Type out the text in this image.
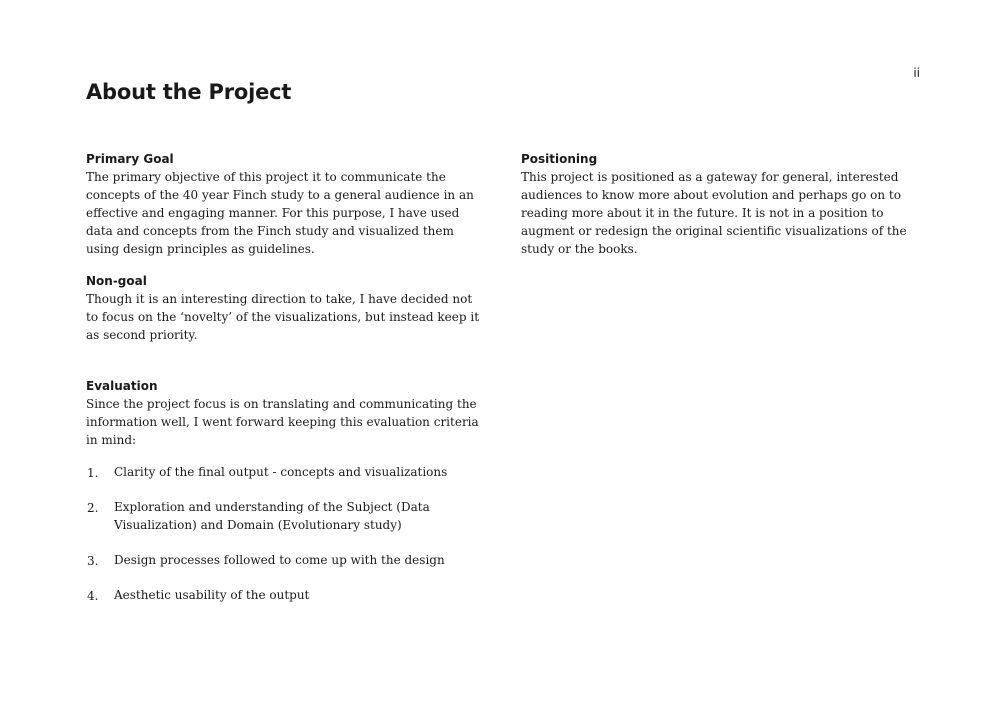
ii
About the Project

Primary Goal

The primary objective of this project it to communicate the concepts of the 40 year Finch study to a general audience in an effective and engaging manner. For this purpose, I have used data and concepts from the Finch study and visualized them using design principles as guidelines.

Non-goal

Though it is an interesting direction to take, I have decided not to focus on the ‘novelty’ of the visualizations, but instead keep it as second priority.

Positioning

This project is positioned as a gateway for general, interested audiences to know more about evolution and perhaps go on to reading more about it in the future. It is not in a position to augment or redesign the original scientific visualizations of the study or the books.

Evaluation

Since the project focus is on translating and communicating the information well, I went forward keeping this evaluation criteria in mind:

1. Clarity of the final output - concepts and visualizations
2. Exploration and understanding of the Subject (Data Visualization) and Domain (Evolutionary study)
3. Design processes followed to come up with the design
4. Aesthetic usability of the output
